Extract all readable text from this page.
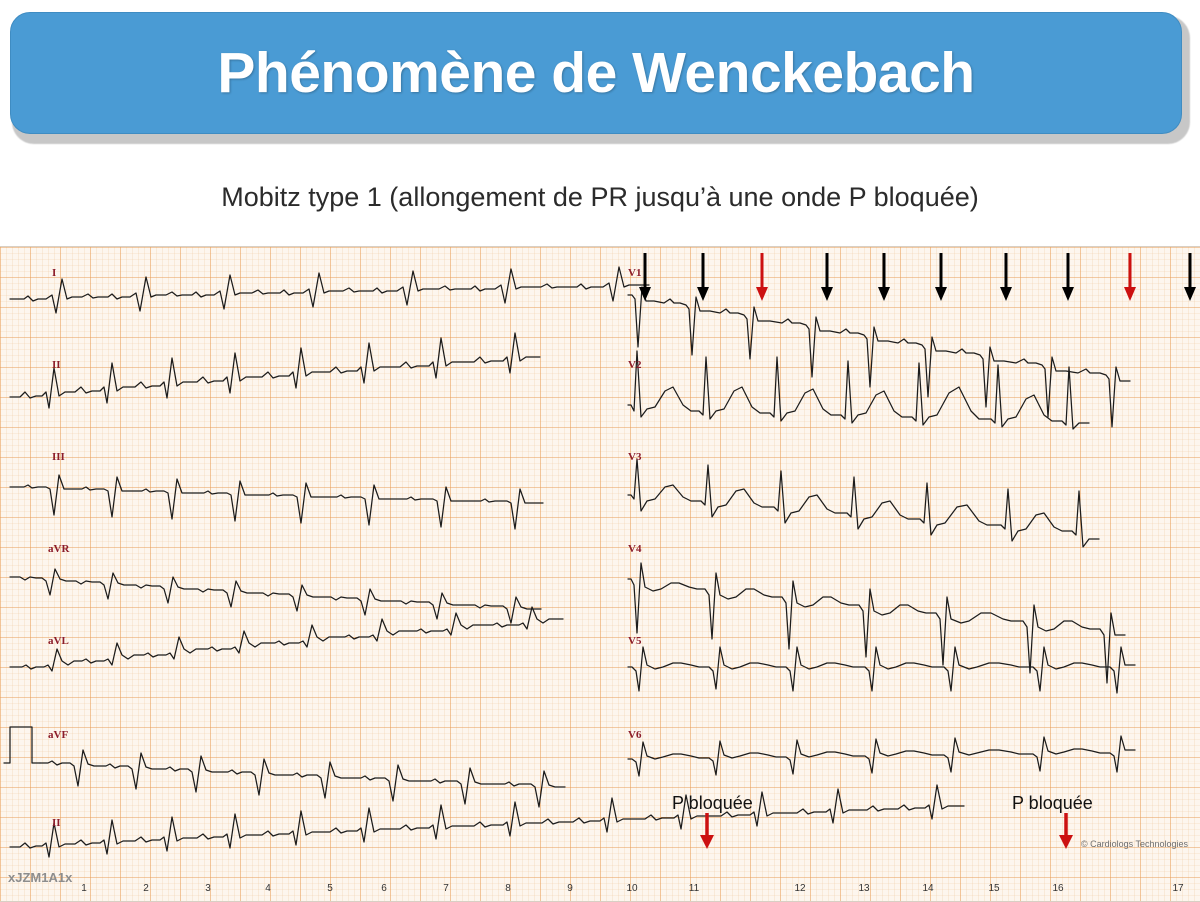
Phénomène de Wenckebach
Mobitz type 1 (allongement de PR jusqu’à une onde P bloquée)
I
II
III
aVR
aVL
aVF
II
V1
V2
V3
V4
V5
V6
P bloquée	P bloquée
xJZM1A1x
© Cardiologs Technologies
1	2	3	4	5	6	7	8	9	10	11	12	13	14	15	16	17
